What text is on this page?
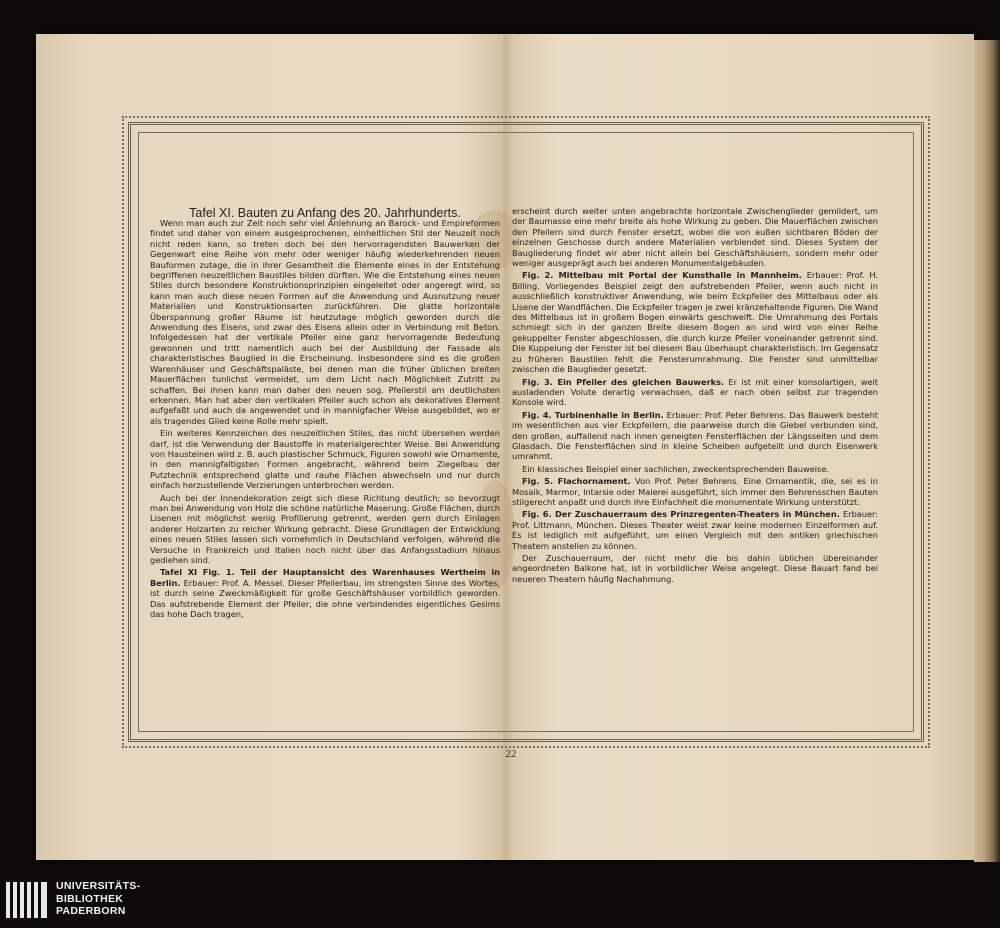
Tafel XI. Bauten zu Anfang des 20. Jahrhunderts.

Wenn man auch zur Zeit noch sehr viel Anlehnung an Barock- und Empireformen findet und daher von einem ausgesprochenen, einheitlichen Stil der Neuzeit noch nicht reden kann, so treten doch bei den hervorragendsten Bauwerken der Gegenwart eine Reihe von mehr oder weniger häufig wiederkehrenden neuen Bauformen zutage, die in ihrer Gesamtheit die Elemente eines in der Entstehung begriffenen neuzeitlichen Baustiles bilden dürften. Wie die Entstehung eines neuen Stiles durch besondere Konstruktionsprinzipien eingeleitet oder angeregt wird, so kann man auch diese neuen Formen auf die Anwendung und Ausnutzung neuer Materialien und Konstruktionsarten zurückführen. Die glatte horizontale Überspannung großer Räume ist heutzutage möglich geworden durch die Anwendung des Eisens, und zwar des Eisens allein oder in Verbindung mit Beton. Infolgedessen hat der vertikale Pfeiler eine ganz hervorragende Bedeutung gewonnen und tritt namentlich auch bei der Ausbildung der Fassade als charakteristisches Bauglied in die Erscheinung. Insbesondere sind es die großen Warenhäuser und Geschäftspaläste, bei denen man die früher üblichen breiten Mauerflächen tunlichst vermeidet, um dem Licht nach Möglichkeit Zutritt zu schaffen. Bei ihnen kann man daher den neuen sog. Pfeilerstil am deutlichsten erkennen. Man hat aber den vertikalen Pfeiler auch schon als dekoratives Element aufgefaßt und auch da angewendet und in mannigfacher Weise ausgebildet, wo er als tragendes Glied keine Rolle mehr spielt.

Ein weiteres Kennzeichen des neuzeitlichen Stiles, das nicht übersehen werden darf, ist die Verwendung der Baustoffe in materialgerechter Weise. Bei Anwendung von Hausteinen wird z. B. auch plastischer Schmuck, Figuren sowohl wie Ornamente, in den mannigfaltigsten Formen angebracht, während beim Ziegelbau der Putztechnik entsprechend glatte und rauhe Flächen abwechseln und nur durch einfach herzustellende Verzierungen unterbrochen werden.

Auch bei der Innendekoration zeigt sich diese Richtung deutlich; so bevorzugt man bei Anwendung von Holz die schöne natürliche Maserung. Große Flächen, durch Lisenen mit möglichst wenig Profilierung getrennt, werden gern durch Einlagen anderer Holzarten zu reicher Wirkung gebracht. Diese Grundlagen der Entwicklung eines neuen Stiles lassen sich vornehmlich in Deutschland verfolgen, während die Versuche in Frankreich und Italien noch nicht über das Anfangsstadium hinaus gediehen sind.

Tafel XI Fig. 1. Teil der Hauptansicht des Warenhauses Wertheim in Berlin. Erbauer: Prof. A. Messel. Dieser Pfeilerbau, im strengsten Sinne des Wortes, ist durch seine Zweckmäßigkeit für große Geschäftshäuser vorbildlich geworden. Das aufstrebende Element der Pfeiler, die ohne verbindendes eigentliches Gesims das hohe Dach tragen,

erscheint durch weiter unten angebrachte horizontale Zwischenglieder gemildert, um der Baumasse eine mehr breite als hohe Wirkung zu geben. Die Mauerflächen zwischen den Pfeilern sind durch Fenster ersetzt, wobei die von außen sichtbaren Böden der einzelnen Geschosse durch andere Materialien verblendet sind. Dieses System der Baugliederung findet wir aber nicht allein bei Geschäftshäusern, sondern mehr oder weniger ausgeprägt auch bei anderen Monumentalgebäuden.

Fig. 2. Mittelbau mit Portal der Kunsthalle in Mannheim. Erbauer: Prof. H. Billing. Vorliegendes Beispiel zeigt den aufstrebenden Pfeiler, wenn auch nicht in ausschließlich konstruktiver Anwendung, wie beim Eckpfeiler des Mittelbaus oder als Lisene der Wandflächen. Die Eckpfeiler tragen je zwei kränzehaltende Figuren. Die Wand des Mittelbaus ist in großem Bogen einwärts geschweift. Die Umrahmung des Portals schmiegt sich in der ganzen Breite diesem Bogen an und wird von einer Reihe gekuppelter Fenster abgeschlossen, die durch kurze Pfeiler voneinander getrennt sind. Die Kuppelung der Fenster ist bei diesem Bau überhaupt charakteristisch. Im Gegensatz zu früheren Baustilen fehlt die Fensterumrahmung. Die Fenster sind unmittelbar zwischen die Bauglieder gesetzt.

Fig. 3. Ein Pfeiler des gleichen Bauwerks. Er ist mit einer konsolartigen, weit ausladenden Volute derartig verwachsen, daß er nach oben selbst zur tragenden Konsole wird.

Fig. 4. Turbinenhalle in Berlin. Erbauer: Prof. Peter Behrens. Das Bauwerk besteht im wesentlichen aus vier Eckpfeilern, die paarweise durch die Giebel verbunden sind, den großen, auffallend nach innen geneigten Fensterflächen der Längsseiten und dem Glasdach. Die Fensterflächen sind in kleine Scheiben aufgeteilt und durch Eisenwerk umrahmt.

Ein klassisches Beispiel einer sachlichen, zweckentsprechenden Bauweise.

Fig. 5. Flachornament. Von Prof. Peter Behrens. Eine Ornamentik, die, sei es in Mosaik, Marmor, Intarsie oder Malerei ausgeführt, sich immer den Behrensschen Bauten stilgerecht anpaßt und durch ihre Einfachheit die monumentale Wirkung unterstützt.

Fig. 6. Der Zuschauerraum des Prinzregenten-Theaters in München. Erbauer: Prof. Littmann, München. Dieses Theater weist zwar keine modernen Einzelformen auf. Es ist lediglich mit aufgeführt, um einen Vergleich mit den antiken griechischen Theatern anstellen zu können.

Der Zuschauerraum, der nicht mehr die bis dahin üblichen übereinander angeordneten Balkone hat, ist in vorbildlicher Weise angelegt. Diese Bauart fand bei neueren Theatern häufig Nachahmung.

22
UNIVERSITÄTS-
BIBLIOTHEK
PADERBORN
